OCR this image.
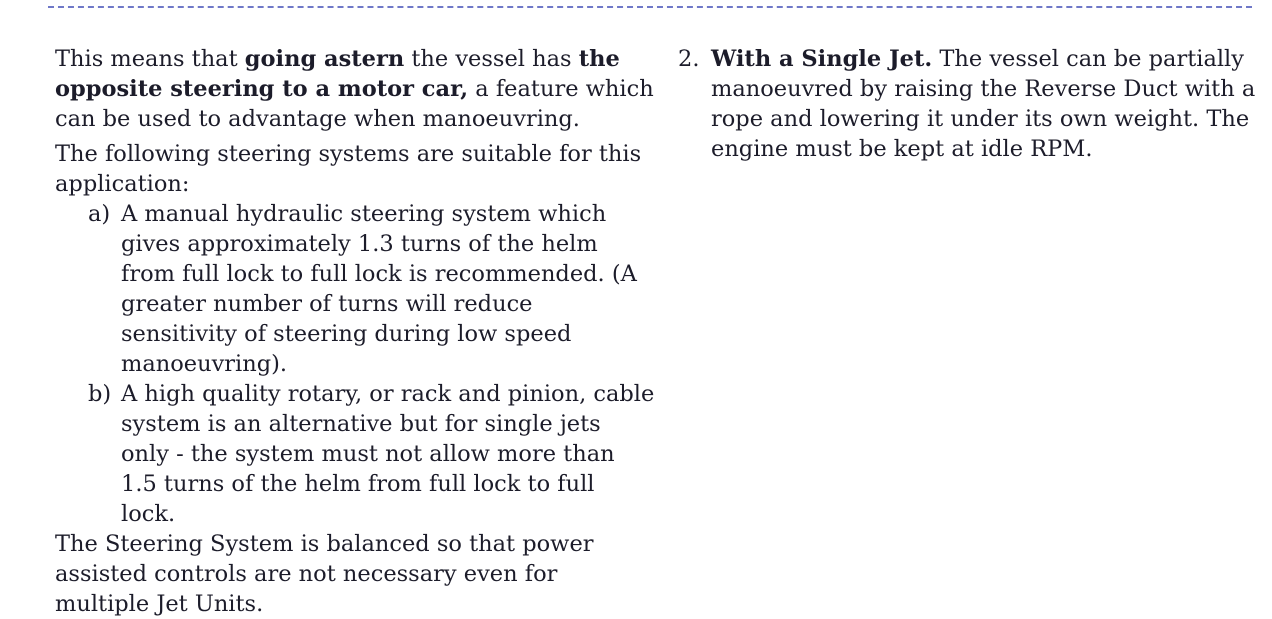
This means that going astern the vessel has the opposite steering to a motor car, a feature which can be used to advantage when manoeuvring.

The following steering systems are suitable for this application:

a) A manual hydraulic steering system which gives approximately 1.3 turns of the helm from full lock to full lock is recommended. (A greater number of turns will reduce sensitivity of steering during low speed manoeuvring).
b) A high quality rotary, or rack and pinion, cable system is an alternative but for single jets only - the system must not allow more than 1.5 turns of the helm from full lock to full lock.

The Steering System is balanced so that power assisted controls are not necessary even for multiple Jet Units.

2. With a Single Jet. The vessel can be partially manoeuvred by raising the Reverse Duct with a rope and lowering it under its own weight. The engine must be kept at idle RPM.
